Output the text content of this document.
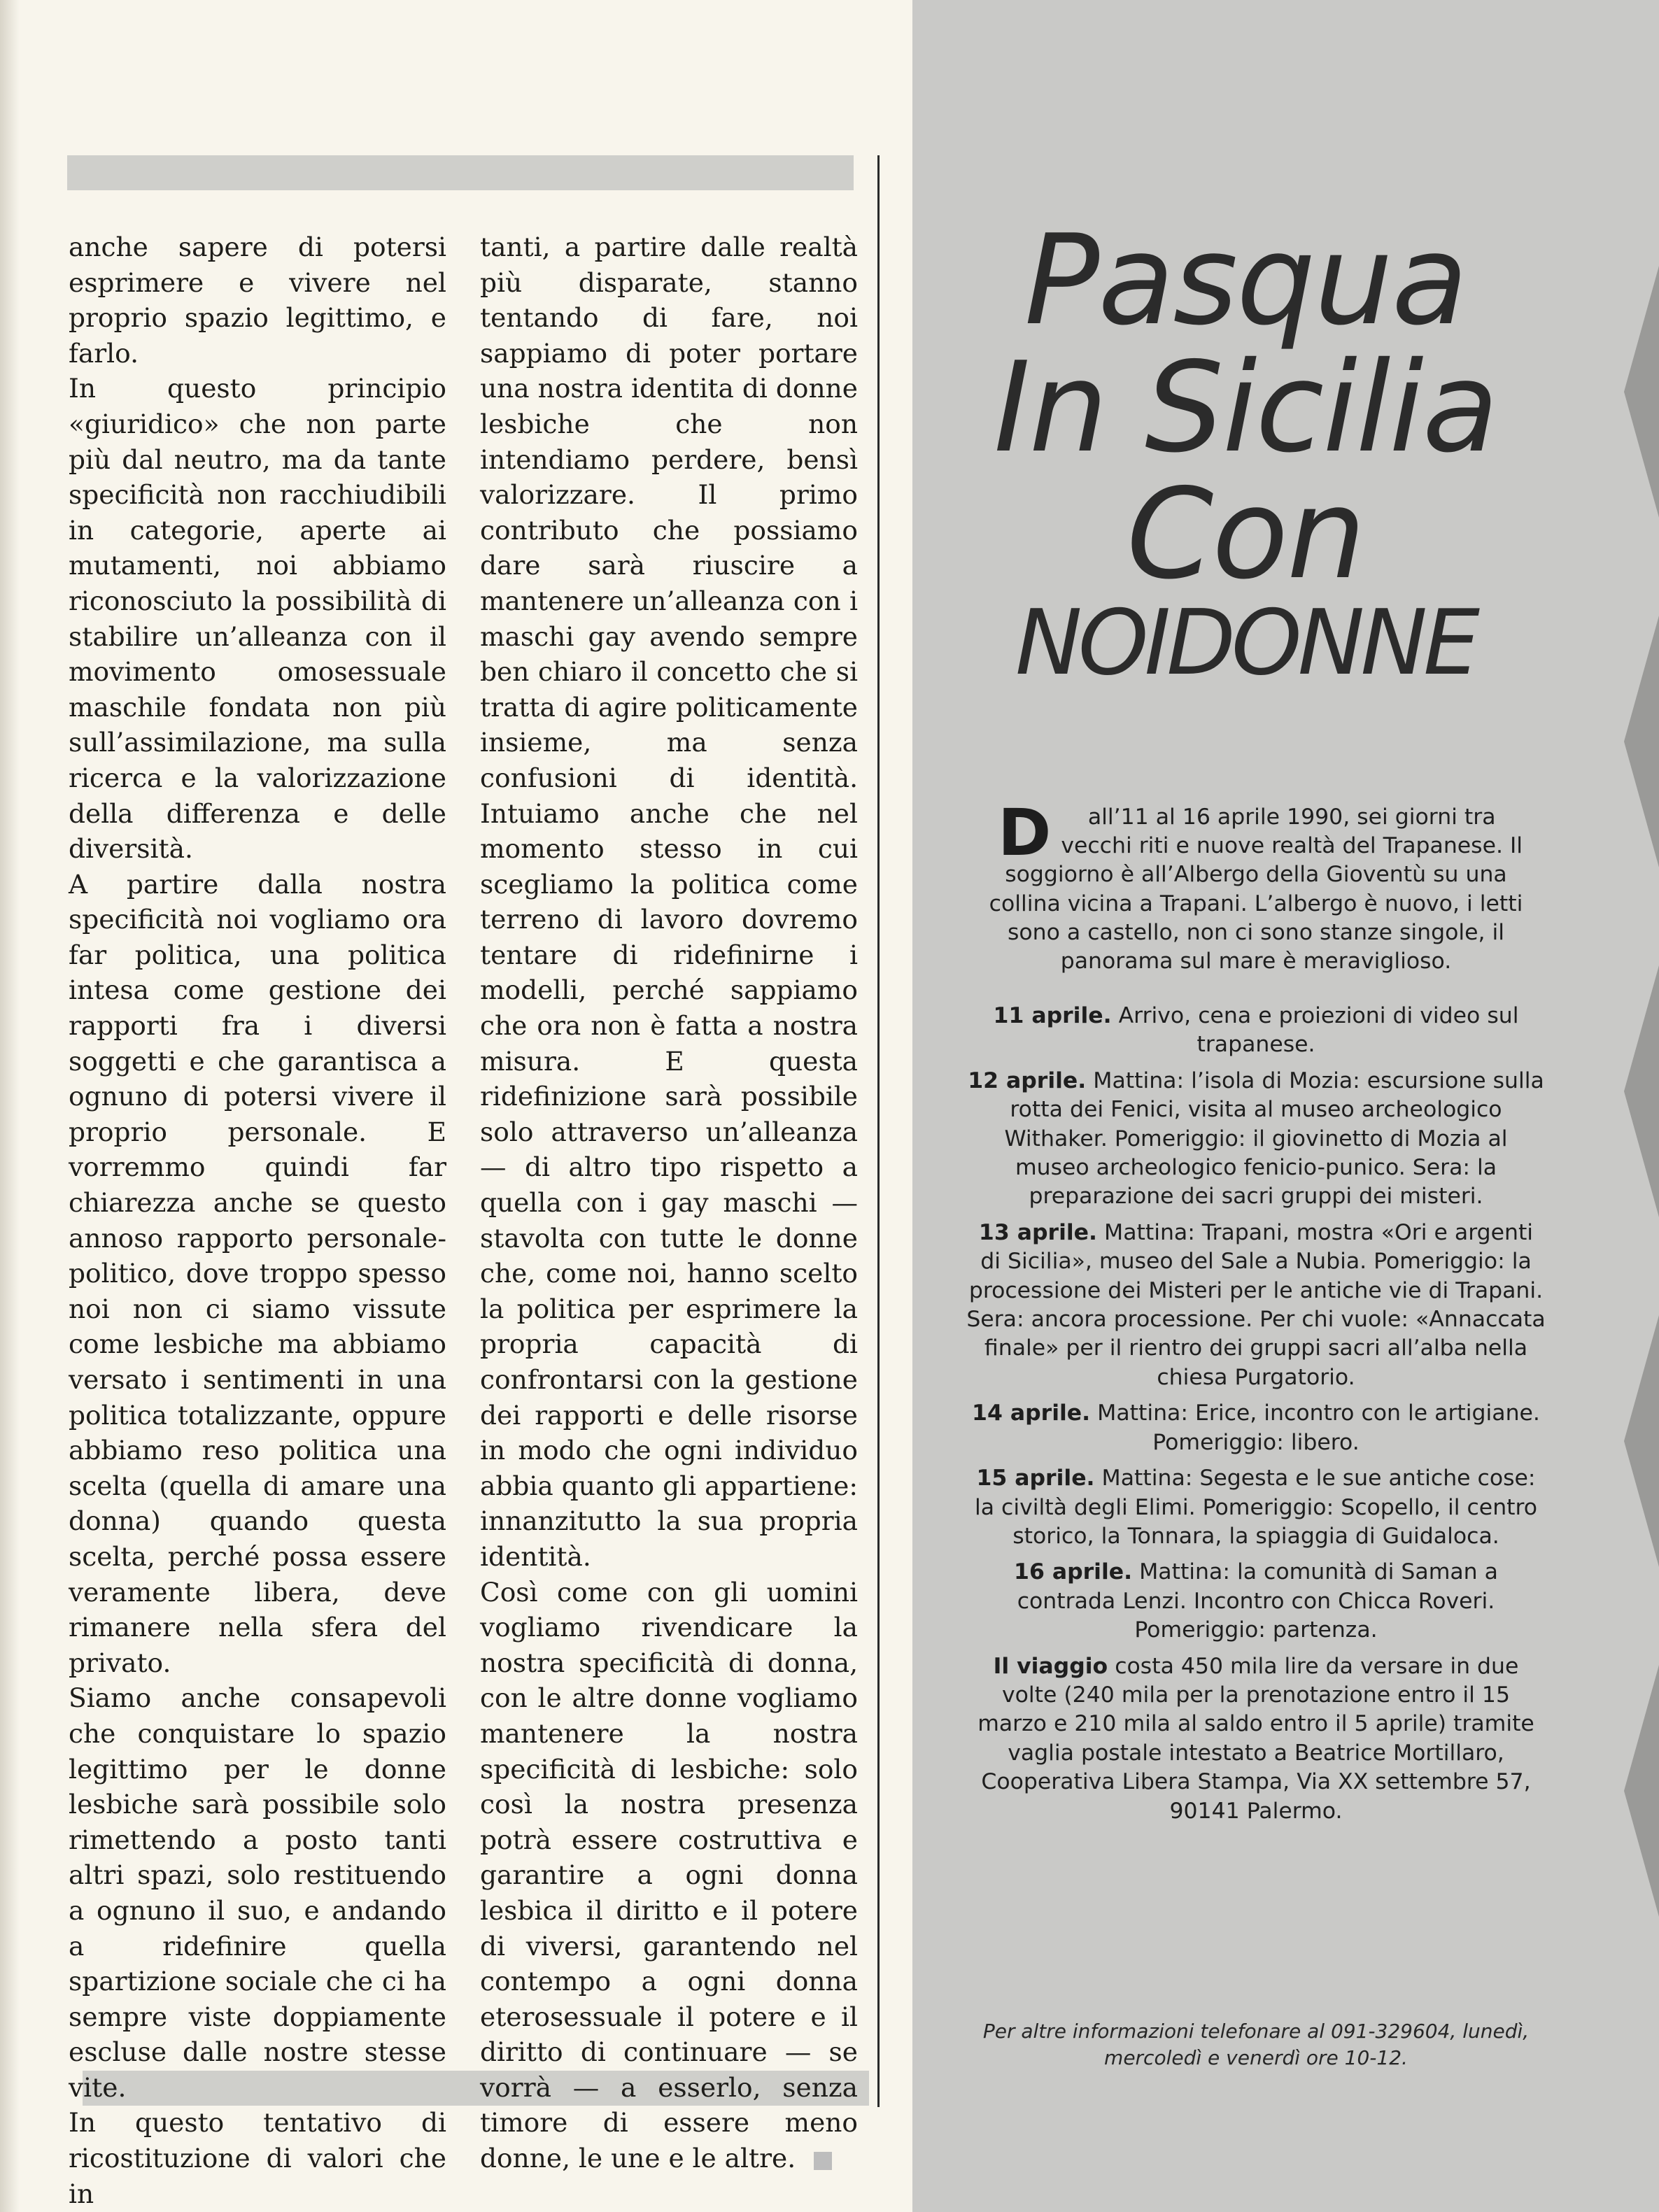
anche sapere di potersi esprimere e vivere nel proprio spazio legittimo, e farlo.

In questo principio «giuridico» che non parte più dal neutro, ma da tante specificità non racchiudibili in categorie, aperte ai mutamenti, noi abbiamo riconosciuto la possibilità di stabilire un’alleanza con il movimento omosessuale maschile fondata non più sull’assimilazione, ma sulla ricerca e la valorizzazione della differenza e delle diversità.

A partire dalla nostra specificità noi vogliamo ora far politica, una politica intesa come gestione dei rapporti fra i diversi soggetti e che garantisca a ognuno di potersi vivere il proprio personale. E vorremmo quindi far chiarezza anche se questo annoso rapporto personale-politico, dove troppo spesso noi non ci siamo vissute come lesbiche ma abbiamo versato i sentimenti in una politica totalizzante, oppure abbiamo reso politica una scelta (quella di amare una donna) quando questa scelta, perché possa essere veramente libera, deve rimanere nella sfera del privato.

Siamo anche consapevoli che conquistare lo spazio legittimo per le donne lesbiche sarà possibile solo rimettendo a posto tanti altri spazi, solo restituendo a ognuno il suo, e andando a ridefinire quella spartizione sociale che ci ha sempre viste doppiamente escluse dalle nostre stesse vite.

In questo tentativo di ricostituzione di valori che in

tanti, a partire dalle realtà più disparate, stanno tentando di fare, noi sappiamo di poter portare una nostra identita di donne lesbiche che non intendiamo perdere, bensì valorizzare. Il primo contributo che possiamo dare sarà riuscire a mantenere un’alleanza con i maschi gay avendo sempre ben chiaro il concetto che si tratta di agire politicamente insieme, ma senza confusioni di identità. Intuiamo anche che nel momento stesso in cui scegliamo la politica come terreno di lavoro dovremo tentare di ridefinirne i modelli, perché sappiamo che ora non è fatta a nostra misura. E questa ridefinizione sarà possibile solo attraverso un’alleanza — di altro tipo rispetto a quella con i gay maschi — stavolta con tutte le donne che, come noi, hanno scelto la politica per esprimere la propria capacità di confrontarsi con la gestione dei rapporti e delle risorse in modo che ogni individuo abbia quanto gli appartiene: innanzitutto la sua propria identità.

Così come con gli uomini vogliamo rivendicare la nostra specificità di donna, con le altre donne vogliamo mantenere la nostra specificità di lesbiche: solo così la nostra presenza potrà essere costruttiva e garantire a ogni donna lesbica il diritto e il potere di viversi, garantendo nel contempo a ogni donna eterosessuale il potere e il diritto di continuare — se vorrà — a esserlo, senza timore di essere meno donne, le une e le altre.

Pasqua
In Sicilia
Con
NOIDONNE
D all’11 al 16 aprile 1990, sei giorni tra vecchi riti e nuove realtà del Trapanese. Il soggiorno è all’Albergo della Gioventù su una collina vicina a Trapani. L’albergo è nuovo, i letti sono a castello, non ci sono stanze singole, il panorama sul mare è meraviglioso.

11 aprile. Arrivo, cena e proiezioni di video sul trapanese.

12 aprile. Mattina: l’isola di Mozia: escursione sulla rotta dei Fenici, visita al museo archeologico Withaker. Pomeriggio: il giovinetto di Mozia al museo archeologico fenicio-punico. Sera: la preparazione dei sacri gruppi dei misteri.

13 aprile. Mattina: Trapani, mostra «Ori e argenti di Sicilia», museo del Sale a Nubia. Pomeriggio: la processione dei Misteri per le antiche vie di Trapani. Sera: ancora processione. Per chi vuole: «Annaccata finale» per il rientro dei gruppi sacri all’alba nella chiesa Purgatorio.

14 aprile. Mattina: Erice, incontro con le artigiane. Pomeriggio: libero.

15 aprile. Mattina: Segesta e le sue antiche cose: la civiltà degli Elimi. Pomeriggio: Scopello, il centro storico, la Tonnara, la spiaggia di Guidaloca.

16 aprile. Mattina: la comunità di Saman a contrada Lenzi. Incontro con Chicca Roveri. Pomeriggio: partenza.

Il viaggio costa 450 mila lire da versare in due volte (240 mila per la prenotazione entro il 15 marzo e 210 mila al saldo entro il 5 aprile) tramite vaglia postale intestato a Beatrice Mortillaro, Cooperativa Libera Stampa, Via XX settembre 57, 90141 Palermo.

Per altre informazioni telefonare al 091-329604, lunedì, mercoledì e venerdì ore 10-12.
